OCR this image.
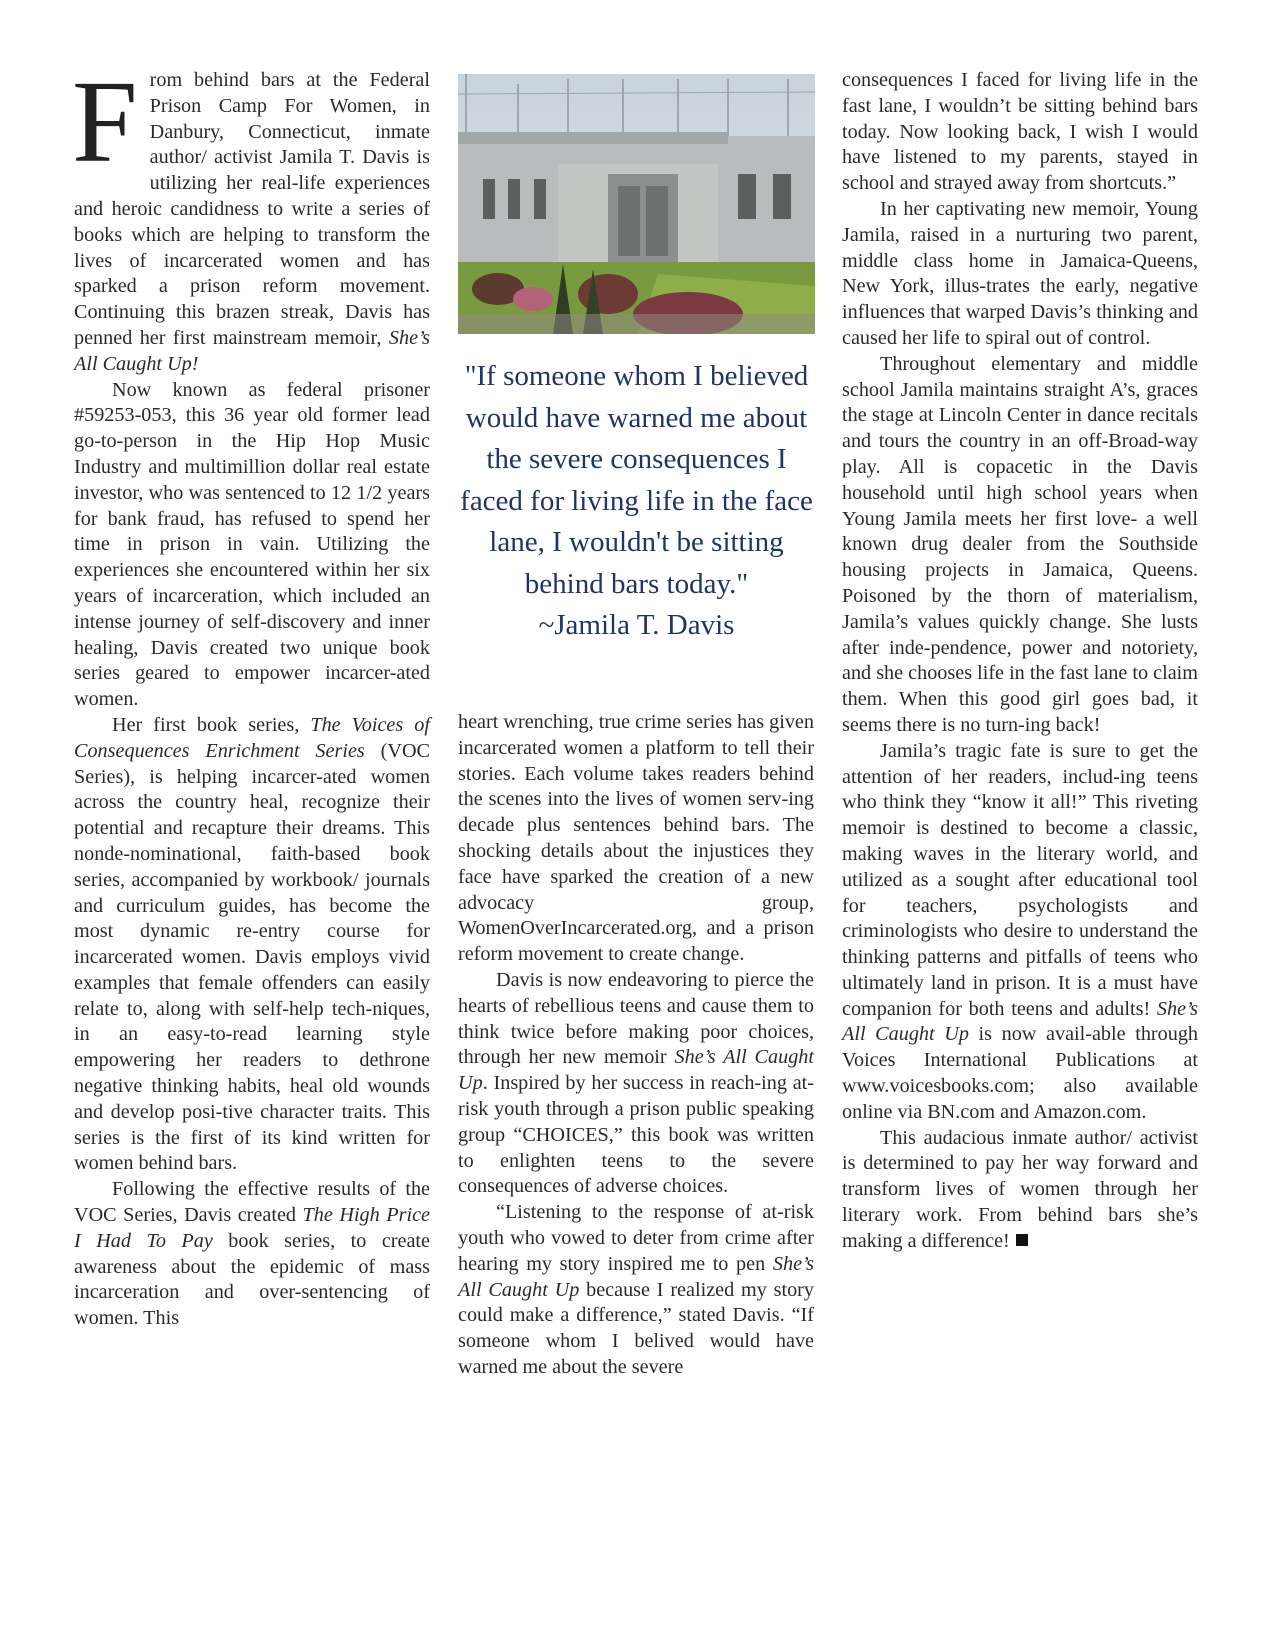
From behind bars at the Federal Prison Camp For Women, in Danbury, Connecticut, inmate author/ activist Jamila T. Davis is utilizing her real-life experiences and heroic candidness to write a series of books which are helping to transform the lives of incarcerated women and has sparked a prison reform movement. Continuing this brazen streak, Davis has penned her first mainstream memoir, She’s All Caught Up!

Now known as federal prisoner #59253-053, this 36 year old former lead go-to-person in the Hip Hop Music Industry and multimillion dollar real estate investor, who was sentenced to 12 1/2 years for bank fraud, has refused to spend her time in prison in vain. Utilizing the experiences she encountered within her six years of incarceration, which included an intense journey of self-discovery and inner healing, Davis created two unique book series geared to empower incarcer-ated women.

Her first book series, The Voices of Consequences Enrichment Series (VOC Series), is helping incarcer-ated women across the country heal, recognize their potential and recapture their dreams. This nonde-nominational, faith-based book series, accompanied by workbook/ journals and curriculum guides, has become the most dynamic re-entry course for incarcerated women. Davis employs vivid examples that female offenders can easily relate to, along with self-help tech-niques, in an easy-to-read learning style empowering her readers to dethrone negative thinking habits, heal old wounds and develop posi-tive character traits. This series is the first of its kind written for women behind bars.

Following the effective results of the VOC Series, Davis created The High Price I Had To Pay book series, to create awareness about the epidemic of mass incarceration and over-sentencing of women. This

"If someone whom I believed would have warned me about the severe consequences I faced for living life in the face lane, I wouldn't be sitting behind bars today."
~Jamila T. Davis

heart wrenching, true crime series has given incarcerated women a platform to tell their stories. Each volume takes readers behind the scenes into the lives of women serv-ing decade plus sentences behind bars. The shocking details about the injustices they face have sparked the creation of a new advocacy group, WomenOverIncarcerated.org, and a prison reform movement to create change.

Davis is now endeavoring to pierce the hearts of rebellious teens and cause them to think twice before making poor choices, through her new memoir She’s All Caught Up. Inspired by her success in reach-ing at-risk youth through a prison public speaking group “CHOICES,” this book was written to enlighten teens to the severe consequences of adverse choices.

“Listening to the response of at-risk youth who vowed to deter from crime after hearing my story inspired me to pen She’s All Caught Up because I realized my story could make a difference,” stated Davis. “If someone whom I belived would have warned me about the severe

consequences I faced for living life in the fast lane, I wouldn’t be sitting behind bars today. Now looking back, I wish I would have listened to my parents, stayed in school and strayed away from shortcuts.”

In her captivating new memoir, Young Jamila, raised in a nurturing two parent, middle class home in Jamaica-Queens, New York, illus-trates the early, negative influences that warped Davis’s thinking and caused her life to spiral out of control.

Throughout elementary and middle school Jamila maintains straight A’s, graces the stage at Lincoln Center in dance recitals and tours the country in an off-Broad-way play. All is copacetic in the Davis household until high school years when Young Jamila meets her first love- a well known drug dealer from the Southside housing projects in Jamaica, Queens. Poisoned by the thorn of materialism, Jamila’s values quickly change. She lusts after inde-pendence, power and notoriety, and she chooses life in the fast lane to claim them. When this good girl goes bad, it seems there is no turn-ing back!

Jamila’s tragic fate is sure to get the attention of her readers, includ-ing teens who think they “know it all!” This riveting memoir is destined to become a classic, making waves in the literary world, and utilized as a sought after educational tool for teachers, psychologists and criminologists who desire to understand the thinking patterns and pitfalls of teens who ultimately land in prison. It is a must have companion for both teens and adults! She’s All Caught Up is now avail-able through Voices International Publications at www.voicesbooks.com; also available online via BN.com and Amazon.com.

This audacious inmate author/ activist is determined to pay her way forward and transform lives of women through her literary work. From behind bars she’s making a difference!
